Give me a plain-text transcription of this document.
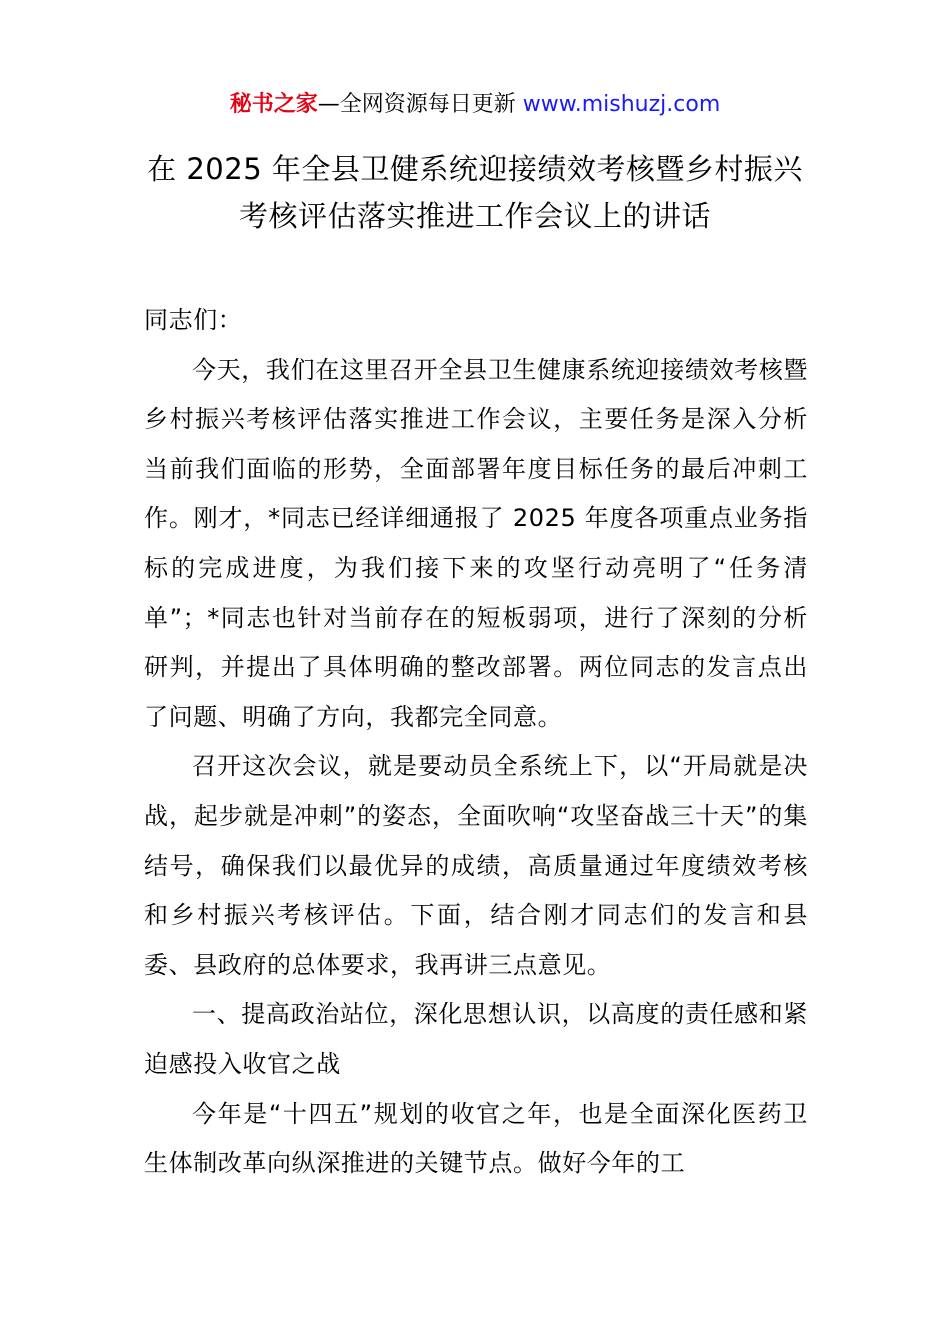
秘书之家—全网资源每日更新 www.mishuzj.com
在 2025 年全县卫健系统迎接绩效考核暨乡村振兴考核评估落实推进工作会议上的讲话

同志们：

今天，我们在这里召开全县卫生健康系统迎接绩效考核暨乡村振兴考核评估落实推进工作会议，主要任务是深入分析当前我们面临的形势，全面部署年度目标任务的最后冲刺工作。刚才，*同志已经详细通报了 2025 年度各项重点业务指标的完成进度，为我们接下来的攻坚行动亮明了“任务清单”；*同志也针对当前存在的短板弱项，进行了深刻的分析研判，并提出了具体明确的整改部署。两位同志的发言点出了问题、明确了方向，我都完全同意。

召开这次会议，就是要动员全系统上下，以“开局就是决战，起步就是冲刺”的姿态，全面吹响“攻坚奋战三十天”的集结号，确保我们以最优异的成绩，高质量通过年度绩效考核和乡村振兴考核评估。下面，结合刚才同志们的发言和县委、县政府的总体要求，我再讲三点意见。

一、提高政治站位，深化思想认识，以高度的责任感和紧迫感投入收官之战

今年是“十四五”规划的收官之年，也是全面深化医药卫生体制改革向纵深推进的关键节点。做好今年的工
